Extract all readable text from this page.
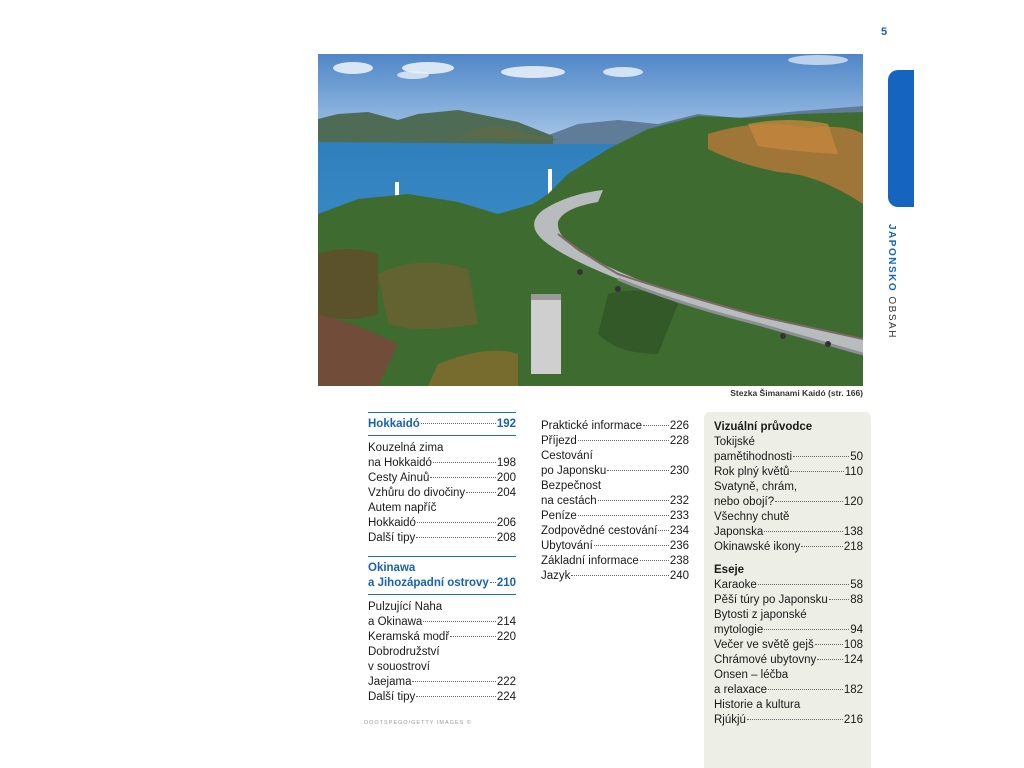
5
JAPONSKO OBSAH
Stezka Šimanami Kaidó (str. 166)
DOOTSPEGO/GETTY IMAGES ©
Hokkaidó	192
Kouzelná zima
na Hokkaidó	198
Cesty Ainuů	200
Vzhůru do divočiny	204
Autem napříč
Hokkaidó	206
Další tipy	208
Okinawa
a Jihozápadní ostrovy 210
Pulzující Naha
a Okinawa	214
Keramská modř	220
Dobrodružství
v souostroví
Jaejama	222
Další tipy	224
Praktické informace 226
Příjezd	228
Cestování
po Japonsku	230
Bezpečnost
na cestách	232
Peníze	233
Zodpovědné cestování 234
Ubytování	236
Základní informace	238
Jazyk	240
Vizuální průvodce
Tokijské
pamětihodnosti	50
Rok plný květů	110
Svatyně, chrám,
nebo obojí?	120
Všechny chutě
Japonska	138
Okinawské ikony	218
Eseje
Karaoke	58
Pěší túry po Japonsku 88
Bytosti z japonské
mytologie	94
Večer ve světě gejš	108
Chrámové ubytovny 124
Onsen – léčba
a relaxace	182
Historie a kultura
Rjúkjú	216
